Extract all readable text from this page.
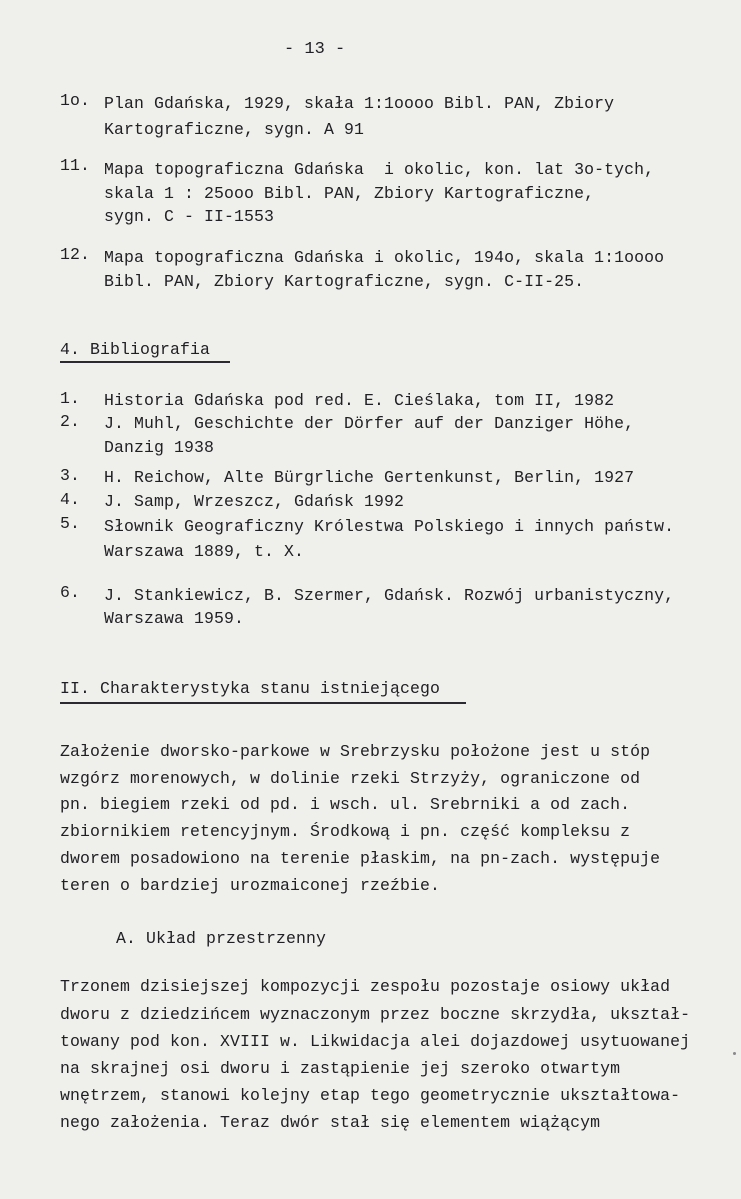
- 13 -
1o. Plan Gdańska, 1929, skała 1:1oooo Bibl. PAN, Zbiory
Kartograficzne, sygn. A 91
11. Mapa topograficzna Gdańska  i okolic, kon. lat 3o-tych,
skala 1 : 25ooo Bibl. PAN, Zbiory Kartograficzne,
sygn. C - II-1553
12. Mapa topograficzna Gdańska i okolic, 194o, skala 1:1oooo
Bibl. PAN, Zbiory Kartograficzne, sygn. C-II-25.
4. Bibliografia
1. Historia Gdańska pod red. E. Cieślaka, tom II, 1982
2. J. Muhl, Geschichte der Dörfer auf der Danziger Höhe,
Danzig 1938
3. H. Reichow, Alte Bürgrliche Gertenkunst, Berlin, 1927
4. J. Samp, Wrzeszcz, Gdańsk 1992
5. Słownik Geograficzny Królestwa Polskiego i innych państw.
Warszawa 1889, t. X.
6. J. Stankiewicz, B. Szermer, Gdańsk. Rozwój urbanistyczny,
Warszawa 1959.
II. Charakterystyka stanu istniejącego
Założenie dworsko-parkowe w Srebrzysku położone jest u stóp
wzgórz morenowych, w dolinie rzeki Strzyży, ograniczone od
pn. biegiem rzeki od pd. i wsch. ul. Srebrniki a od zach.
zbiornikiem retencyjnym. Środkową i pn. część kompleksu z
dworem posadowiono na terenie płaskim, na pn-zach. występuje
teren o bardziej urozmaiconej rzeźbie.
A. Układ przestrzenny
Trzonem dzisiejszej kompozycji zespołu pozostaje osiowy układ
dworu z dziedzińcem wyznaczonym przez boczne skrzydła, ukształ-
towany pod kon. XVIII w. Likwidacja alei dojazdowej usytuowanej
na skrajnej osi dworu i zastąpienie jej szeroko otwartym
wnętrzem, stanowi kolejny etap tego geometrycznie ukształtowa-
nego założenia. Teraz dwór stał się elementem wiążącym
